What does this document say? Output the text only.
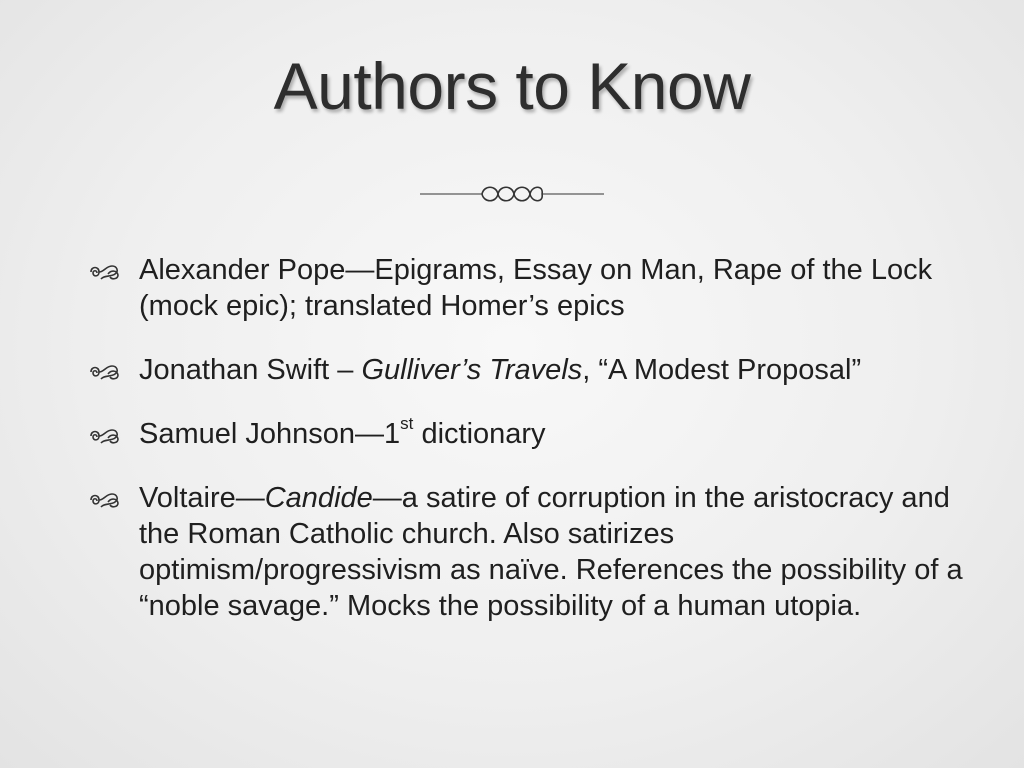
Authors to Know
Alexander Pope—Epigrams, Essay on Man, Rape of the Lock (mock epic); translated Homer’s epics
Jonathan Swift – Gulliver’s Travels, “A Modest Proposal”
Samuel Johnson—1st dictionary
Voltaire—Candide—a satire of corruption in the aristocracy and the Roman Catholic church. Also satirizes optimism/progressivism as naïve. References the possibility of a “noble savage.” Mocks the possibility of a human utopia.
